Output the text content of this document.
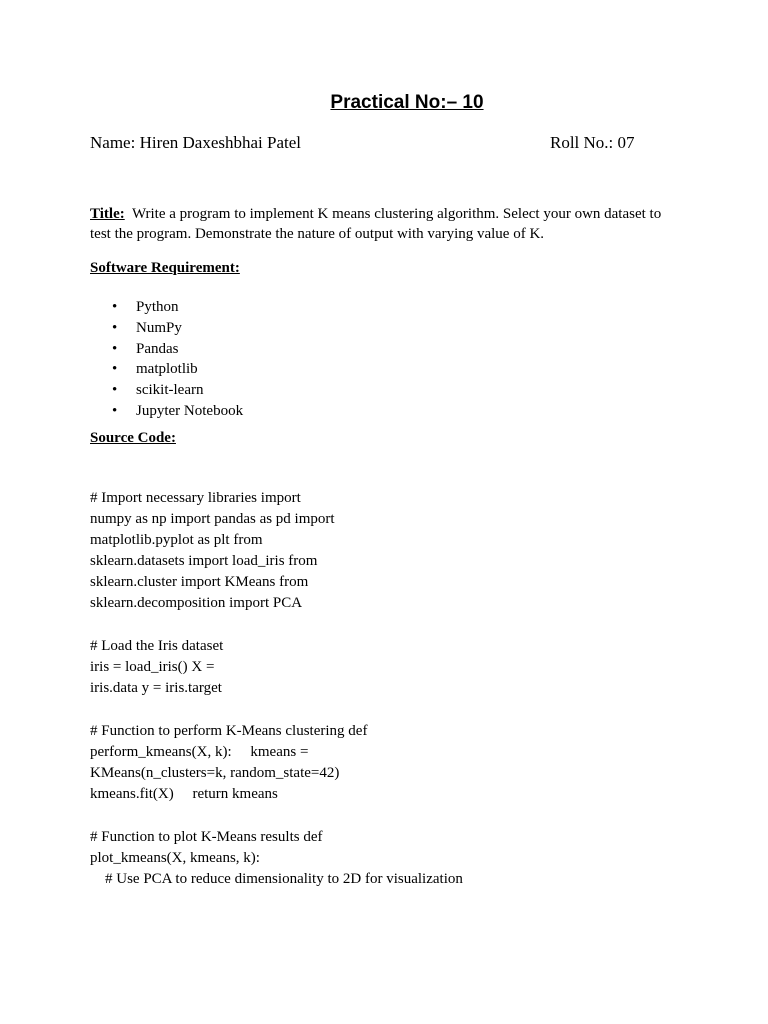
Practical No:– 10
Name: Hiren Daxeshbhai Patel	Roll No.: 07
Title: Write a program to implement K means clustering algorithm. Select your own dataset to test the program. Demonstrate the nature of output with varying value of K.
Software Requirement:
• Python
• NumPy
• Pandas
• matplotlib
• scikit-learn
• Jupyter Notebook
Source Code:
# Import necessary libraries import
numpy as np import pandas as pd import
matplotlib.pyplot as plt from
sklearn.datasets import load_iris from
sklearn.cluster import KMeans from
sklearn.decomposition import PCA
# Load the Iris dataset
iris = load_iris() X =
iris.data y = iris.target
# Function to perform K-Means clustering def
perform_kmeans(X, k):     kmeans =
KMeans(n_clusters=k, random_state=42)
kmeans.fit(X)     return kmeans
# Function to plot K-Means results def
plot_kmeans(X, kmeans, k):
# Use PCA to reduce dimensionality to 2D for visualization
